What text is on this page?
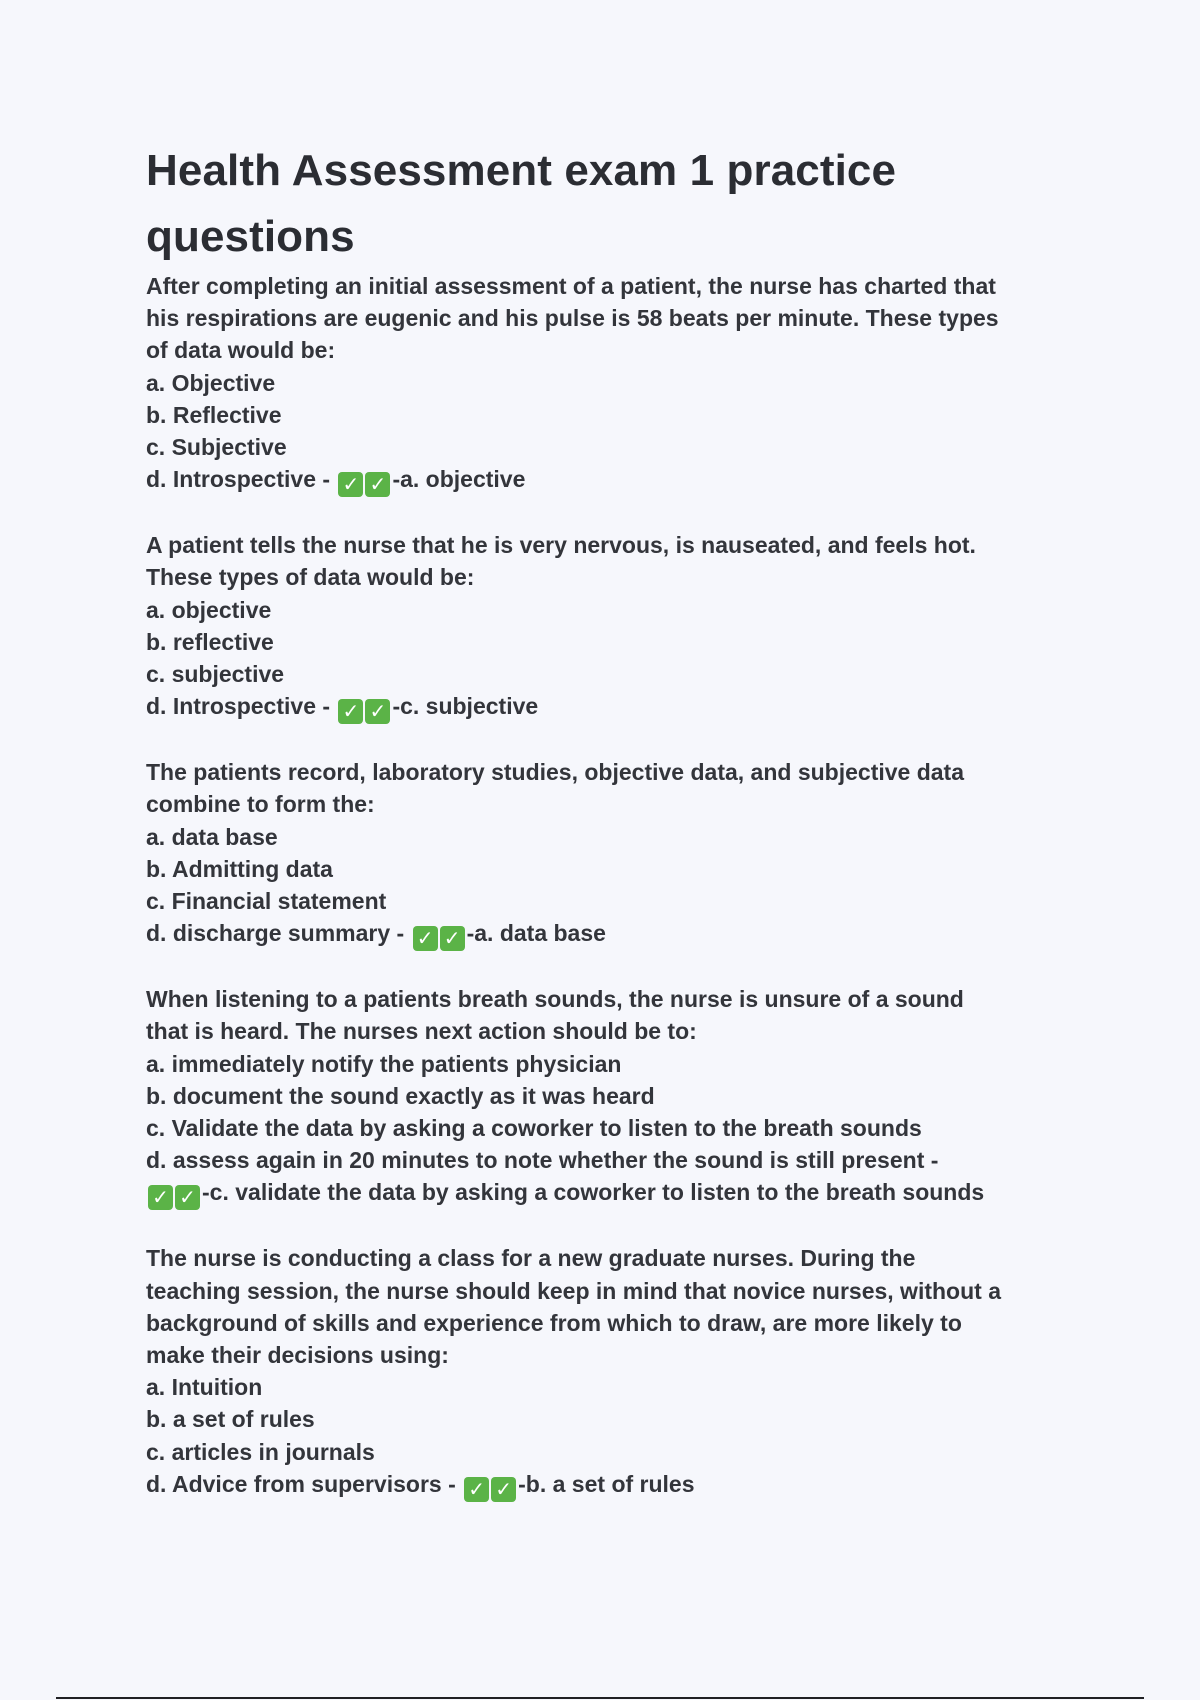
Health Assessment exam 1 practice
questions
After completing an initial assessment of a patient, the nurse has charted that
his respirations are eugenic and his pulse is 58 beats per minute. These types
of data would be:
a. Objective
b. Reflective
c. Subjective
d. Introspective - ✓ ✓ -a. objective
A patient tells the nurse that he is very nervous, is nauseated, and feels hot.
These types of data would be:
a. objective
b. reflective
c. subjective
d. Introspective - ✓ ✓ -c. subjective
The patients record, laboratory studies, objective data, and subjective data
combine to form the:
a. data base
b. Admitting data
c. Financial statement
d. discharge summary - ✓ ✓ -a. data base
When listening to a patients breath sounds, the nurse is unsure of a sound
that is heard. The nurses next action should be to:
a. immediately notify the patients physician
b. document the sound exactly as it was heard
c. Validate the data by asking a coworker to listen to the breath sounds
d. assess again in 20 minutes to note whether the sound is still present -
✓ ✓ -c. validate the data by asking a coworker to listen to the breath sounds
The nurse is conducting a class for a new graduate nurses. During the
teaching session, the nurse should keep in mind that novice nurses, without a
background of skills and experience from which to draw, are more likely to
make their decisions using:
a. Intuition
b. a set of rules
c. articles in journals
d. Advice from supervisors - ✓ ✓ -b. a set of rules
